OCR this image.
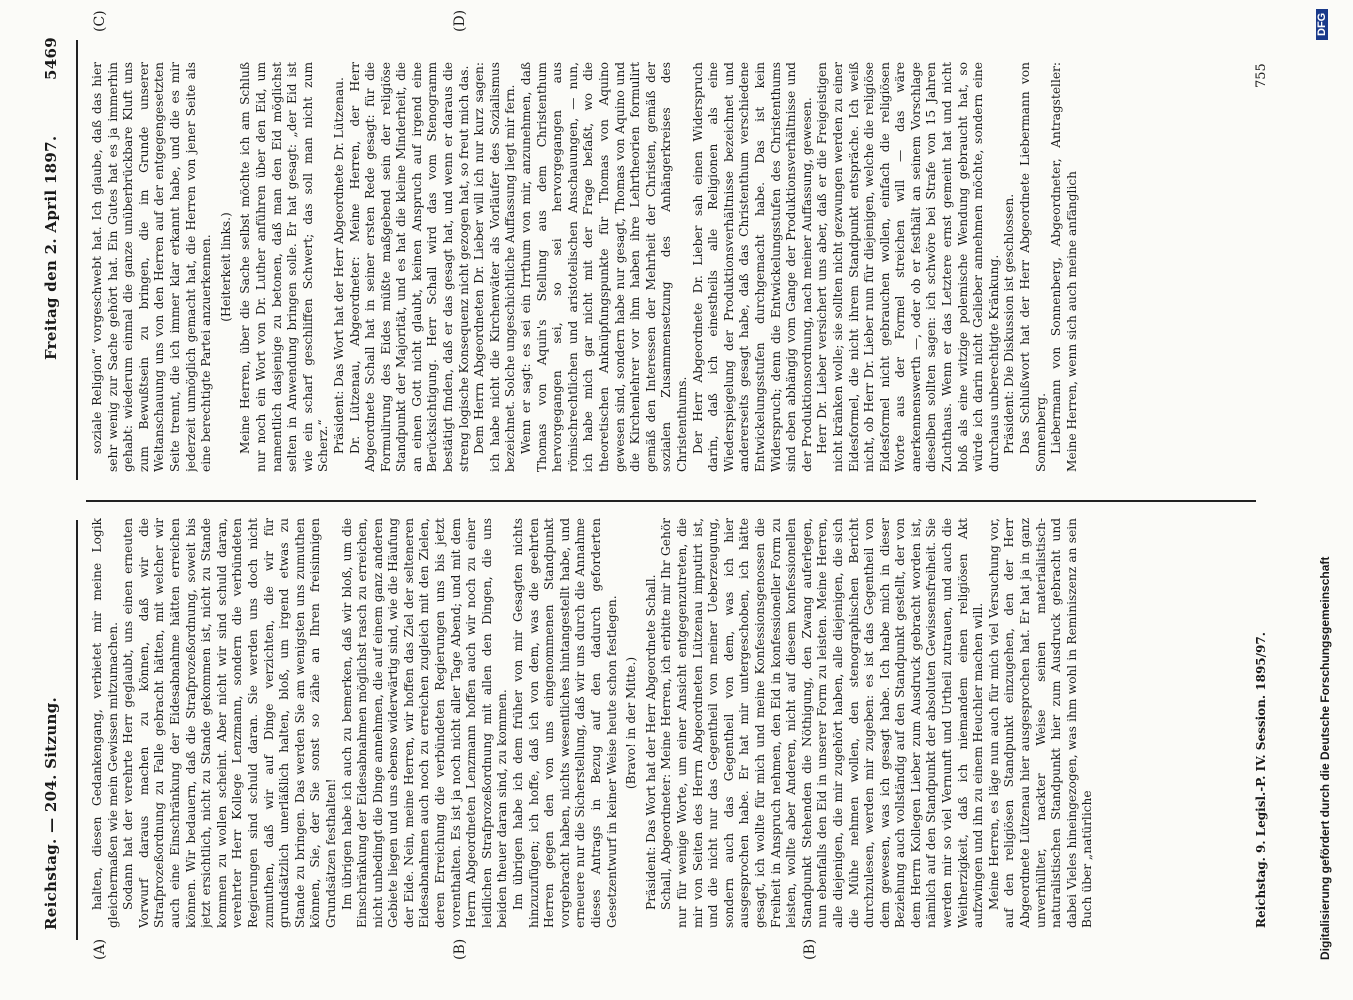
Reichstag. — 204. Sitzung.
Freitag den 2. April 1897.
5469
(A)	(B)	(B)
(C)	(D)

halten, diesen Gedankengang, verbietet mir meine Logik gleichermaßen wie mein Gewissen mitzumachen. Sodann hat der verehrte Herr geglaubt, uns einen erneuten Vorwurf daraus machen zu können, daß wir die Strafprozeßordnung zu Falle gebracht hätten, mit welcher wir auch eine Einschränkung der Eidesabnahme hätten erreichen können. Wir bedauern, daß die Strafprozeßordnung, soweit bis jetzt ersichtlich, nicht zu Stande gekommen ist, nicht zu Stande kommen zu wollen scheint. Aber nicht wir sind schuld daran, verehrter Herr Kollege Lenzmann, sondern die verbündeten Regierungen sind schuld daran. Sie werden uns doch nicht zumuthen, daß wir auf Dinge verzichten, die wir für grundsätzlich unerläßlich halten, bloß, um irgend etwas zu Stande zu bringen. Das werden Sie am wenigsten uns zumuthen können, Sie, der Sie sonst so zähe an Ihren freisinnigen Grundsätzen festhalten! Im übrigen habe ich auch zu bemerken, daß wir bloß, um die Einschränkung der Eidesabnahmen möglichst rasch zu erreichen, nicht unbedingt die Dinge annehmen, die auf einem ganz anderen Gebiete liegen und uns ebenso widerwärtig sind, wie die Häufung der Eide. Nein, meine Herren, wir hoffen das Ziel der selteneren Eidesabnahmen auch noch zu erreichen zugleich mit den Zielen, deren Erreichung die verbündeten Regierungen uns bis jetzt vorenthalten. Es ist ja noch nicht aller Tage Abend; und mit dem Herrn Abgeordneten Lenzmann hoffen auch wir noch zu einer leidlichen Strafprozeßordnung mit allen den Dingen, die uns beiden theuer daran sind, zu kommen. Im übrigen habe ich dem früher von mir Gesagten nichts hinzuzufügen; ich hoffe, daß ich von dem, was die geehrten Herren gegen den von uns eingenommenen Standpunkt vorgebracht haben, nichts wesentliches hintangestellt habe, und erneuere nur die Sicherstellung, daß wir uns durch die Annahme dieses Antrags in Bezug auf den dadurch geforderten Gesetzentwurf in keiner Weise heute schon festlegen. (Bravo! in der Mitte.) Präsident: Das Wort hat der Herr Abgeordnete Schall. Schall, Abgeordneter: Meine Herren, ich erbitte mir Ihr Gehör nur für wenige Worte, um einer Ansicht entgegenzutreten, die mir von Seiten des Herrn Abgeordneten Lützenau imputirt ist, und die nicht nur das Gegentheil von meiner Ueberzeugung, sondern auch das Gegentheil von dem, was ich hier ausgesprochen habe. Er hat mir untergeschoben, ich hätte gesagt, ich wollte für mich und meine Konfessionsgenossen die Freiheit in Anspruch nehmen, den Eid in konfessioneller Form zu leisten, wollte aber Anderen, nicht auf diesem konfessionellen Standpunkt Stehenden die Nöthigung, den Zwang auferlegen, nun ebenfalls den Eid in unserer Form zu leisten. Meine Herren, alle diejenigen, die mir zugehört haben, alle diejenigen, die sich die Mühe nehmen wollen, den stenographischen Bericht durchzulesen, werden mir zugeben: es ist das Gegentheil von dem gewesen, was ich gesagt habe. Ich habe mich in dieser Beziehung auch vollständig auf den Standpunkt gestellt, der von dem Herrn Kollegen Lieber zum Ausdruck gebracht worden ist, nämlich auf den Standpunkt der absoluten Gewissensfreiheit. Sie werden mir so viel Vernunft und Urtheil zutrauen, und auch die Weitherzigkeit, daß ich niemandem einen religiösen Akt aufzwingen und ihn zu einem Heuchler machen will. Meine Herren, es läge nun auch für mich viel Versuchung vor, auf den religiösen Standpunkt einzugehen, den der Herr Abgeordnete Lützenau hier ausgesprochen hat. Er hat ja in ganz unverhüllter, nackter Weise seinen materialistisch-naturalistischen Standpunkt hier zum Ausdruck gebracht und dabei Vieles hineingezogen, was ihm wohl in Reminiszenz an sein Buch über „natürliche

soziale Religion“ vorgeschwebt hat. Ich glaube, daß das hier sehr wenig zur Sache gehört hat. Ein Gutes hat es ja immerhin gehabt: wiederum einmal die ganze unüberbrückbare Kluft uns zum Bewußtsein zu bringen, die im Grunde unserer Weltanschauung uns von den Herren auf der entgegengesetzten Seite trennt, die ich immer klar erkannt habe, und die es mir jederzeit unmöglich gemacht hat, die Herren von jener Seite als eine berechtigte Partei anzuerkennen. (Heiterkeit links.) Meine Herren, über die Sache selbst möchte ich am Schluß nur noch ein Wort von Dr. Luther anführen über den Eid, um namentlich dasjenige zu betonen, daß man den Eid möglichst selten in Anwendung bringen solle. Er hat gesagt: „der Eid ist wie ein scharf geschliffen Schwert; das soll man nicht zum Scherz.“ Präsident: Das Wort hat der Herr Abgeordnete Dr. Lützenau. Dr. Lützenau, Abgeordneter: Meine Herren, der Herr Abgeordnete Schall hat in seiner ersten Rede gesagt: für die Formulirung des Eides müßte maßgebend sein der religiöse Standpunkt der Majorität, und es hat die kleine Minderheit, die an einen Gott nicht glaubt, keinen Anspruch auf irgend eine Berücksichtigung. Herr Schall wird das vom Stenogramm bestätigt finden, daß er das gesagt hat, und wenn er daraus die streng logische Konsequenz nicht gezogen hat, so freut mich das. Dem Herrn Abgeordneten Dr. Lieber will ich nur kurz sagen: ich habe nicht die Kirchenväter als Vorläufer des Sozialismus bezeichnet. Solche ungeschichtliche Auffassung liegt mir fern. Wenn er sagt: es sei ein Irrthum von mir, anzunehmen, daß Thomas von Aquin's Stellung aus dem Christenthum hervorgegangen sei, so sei hervorgegangen aus römischrechtlichen und aristotelischen Anschauungen, — nun, ich habe mich gar nicht mit der Frage befaßt, wo die theoretischen Anknüpfungspunkte für Thomas von Aquino gewesen sind, sondern habe nur gesagt, Thomas von Aquino und die Kirchenlehrer vor ihm haben ihre Lehrtheorien formulirt gemäß den Interessen der Mehrheit der Christen, gemäß der sozialen Zusammensetzung des Anhängerkreises des Christenthums. Der Herr Abgeordnete Dr. Lieber sah einen Widerspruch darin, daß ich einestheils alle Religionen als eine Wiederspiegelung der Produktionsverhältnisse bezeichnet und andererseits gesagt habe, daß das Christenthum verschiedene Entwickelungsstufen durchgemacht habe. Das ist kein Widerspruch; denn die Entwickelungsstufen des Christenthums sind eben abhängig vom Gange der Produktionsverhältnisse und der Produktionsordnung, nach meiner Auffassung, gewesen. Herr Dr. Lieber versichert uns aber, daß er die Freigeistigen nicht kränken wolle; sie sollten nicht gezwungen werden zu einer Eidesformel, die nicht ihrem Standpunkt entspräche. Ich weiß nicht, ob Herr Dr. Lieber nun für diejenigen, welche die religiöse Eidesformel nicht gebrauchen wollen, einfach die religiösen Worte aus der Formel streichen will — das wäre anerkennenswerth —, oder ob er festhält an seinem Vorschlage dieselben sollten sagen: ich schwöre bei Strafe von 15 Jahren Zuchthaus. Wenn er das Letztere ernst gemeint hat und nicht bloß als eine witzige polemische Wendung gebraucht hat, so würde ich darin nicht Gelieber annehmen möchte, sondern eine durchaus unberechtigte Kränkung. Präsident: Die Diskussion ist geschlossen. Das Schlußwort hat der Herr Abgeordnete Liebermann von Sonnenberg. Liebermann von Sonnenberg, Abgeordneter, Antragsteller: Meine Herren, wenn sich auch meine anfänglich

Reichstag. 9. Legisl.-P. IV. Session. 1895/97.
755
Digitalisierung gefördert durch die Deutsche Forschungsgemeinschaft
DFG
